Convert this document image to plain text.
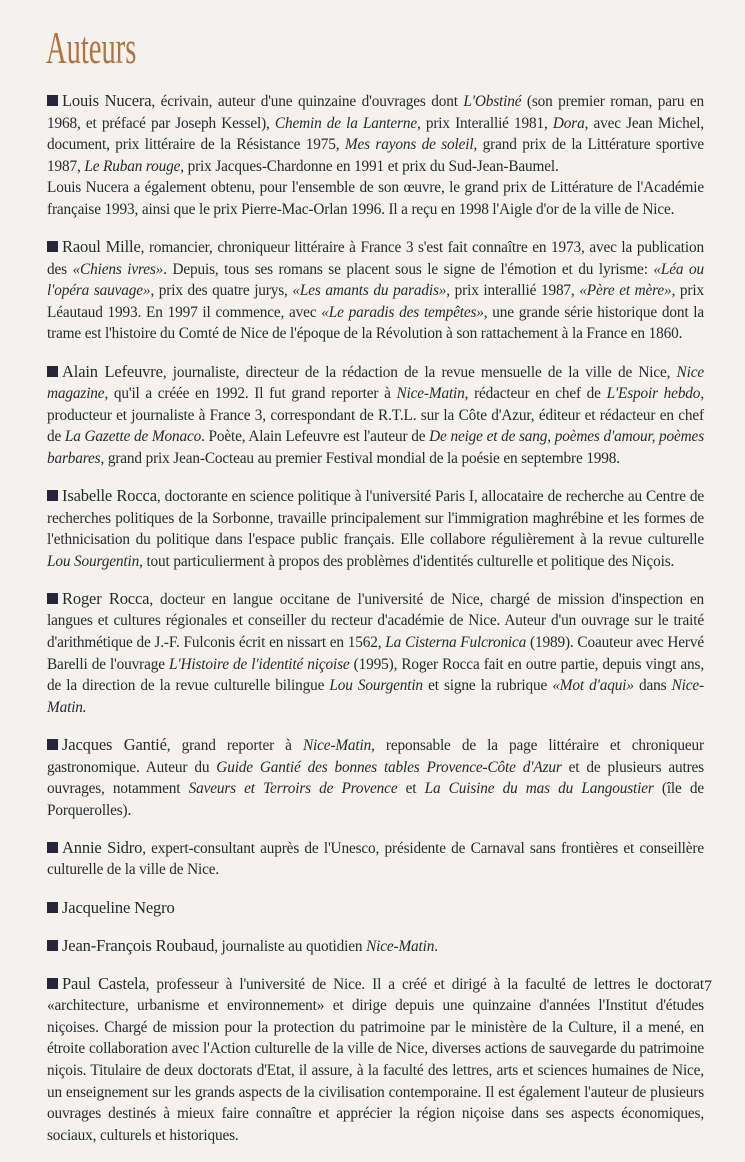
Auteurs

Louis Nucera, écrivain, auteur d'une quinzaine d'ouvrages dont L'Obstiné (son premier roman, paru en 1968, et préfacé par Joseph Kessel), Chemin de la Lanterne, prix Interallié 1981, Dora, avec Jean Michel, document, prix littéraire de la Résistance 1975, Mes rayons de soleil, grand prix de la Littérature sportive 1987, Le Ruban rouge, prix Jacques-Chardonne en 1991 et prix du Sud-Jean-Baumel.
Louis Nucera a également obtenu, pour l'ensemble de son œuvre, le grand prix de Littérature de l'Académie française 1993, ainsi que le prix Pierre-Mac-Orlan 1996. Il a reçu en 1998 l'Aigle d'or de la ville de Nice.

Raoul Mille, romancier, chroniqueur littéraire à France 3 s'est fait connaître en 1973, avec la publication des «Chiens ivres». Depuis, tous ses romans se placent sous le signe de l'émotion et du lyrisme: «Léa ou l'opéra sauvage», prix des quatre jurys, «Les amants du paradis», prix interallié 1987, «Père et mère», prix Léautaud 1993. En 1997 il commence, avec «Le paradis des tempêtes», une grande série historique dont la trame est l'histoire du Comté de Nice de l'époque de la Révolution à son rattachement à la France en 1860.

Alain Lefeuvre, journaliste, directeur de la rédaction de la revue mensuelle de la ville de Nice, Nice magazine, qu'il a créée en 1992. Il fut grand reporter à Nice-Matin, rédacteur en chef de L'Espoir hebdo, producteur et journaliste à France 3, correspondant de R.T.L. sur la Côte d'Azur, éditeur et rédacteur en chef de La Gazette de Monaco. Poète, Alain Lefeuvre est l'auteur de De neige et de sang, poèmes d'amour, poèmes barbares, grand prix Jean-Cocteau au premier Festival mondial de la poésie en septembre 1998.

Isabelle Rocca, doctorante en science politique à l'université Paris I, allocataire de recherche au Centre de recherches politiques de la Sorbonne, travaille principalement sur l'immigration maghrébine et les formes de l'ethnicisation du politique dans l'espace public français. Elle collabore régulièrement à la revue culturelle Lou Sourgentin, tout particulierment à propos des problèmes d'identités culturelle et politique des Niçois.

Roger Rocca, docteur en langue occitane de l'université de Nice, chargé de mission d'inspection en langues et cultures régionales et conseiller du recteur d'académie de Nice. Auteur d'un ouvrage sur le traité d'arithmétique de J.-F. Fulconis écrit en nissart en 1562, La Cisterna Fulcronica (1989). Coauteur avec Hervé Barelli de l'ouvrage L'Histoire de l'identité niçoise (1995), Roger Rocca fait en outre partie, depuis vingt ans, de la direction de la revue culturelle bilingue Lou Sourgentin et signe la rubrique «Mot d'aqui» dans Nice-Matin.

Jacques Gantié, grand reporter à Nice-Matin, reponsable de la page littéraire et chroniqueur gastronomique. Auteur du Guide Gantié des bonnes tables Provence-Côte d'Azur et de plusieurs autres ouvrages, notamment Saveurs et Terroirs de Provence et La Cuisine du mas du Langoustier (île de Porquerolles).

Annie Sidro, expert-consultant auprès de l'Unesco, présidente de Carnaval sans frontières et conseillère culturelle de la ville de Nice.

Jacqueline Negro

Jean-François Roubaud, journaliste au quotidien Nice-Matin.

Paul Castela, professeur à l'université de Nice. Il a créé et dirigé à la faculté de lettres le doctorat «architecture, urbanisme et environnement» et dirige depuis une quinzaine d'années l'Institut d'études niçoises. Chargé de mission pour la protection du patrimoine par le ministère de la Culture, il a mené, en étroite collaboration avec l'Action culturelle de la ville de Nice, diverses actions de sauvegarde du patrimoine niçois. Titulaire de deux doctorats d'Etat, il assure, à la faculté des lettres, arts et sciences humaines de Nice, un enseignement sur les grands aspects de la civilisation contemporaine. Il est également l'auteur de plusieurs ouvrages destinés à mieux faire connaître et apprécier la région niçoise dans ses aspects économiques, sociaux, culturels et historiques.

7
